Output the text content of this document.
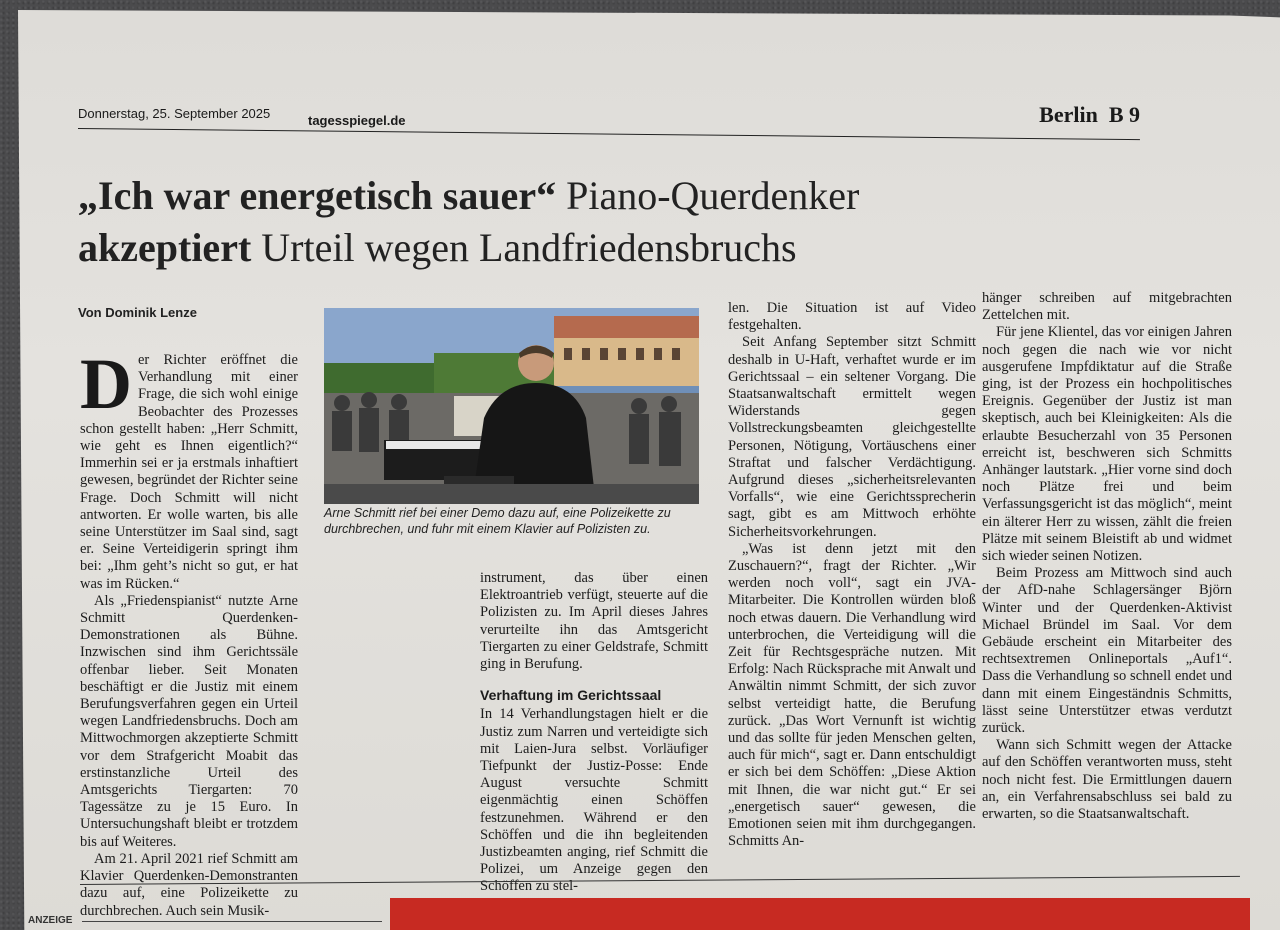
Donnerstag, 25. September 2025	tagesspiegel.de	Berlin  B 9
„Ich war energetisch sauer“ Piano-Querdenker
akzeptiert Urteil wegen Landfriedensbruchs
Von Dominik Lenze
D er Richter eröffnet die Verhandlung mit einer Frage, die sich wohl einige Beobachter des Prozesses schon gestellt haben: „Herr Schmitt, wie geht es Ihnen eigentlich?“ Immerhin sei er ja erstmals inhaftiert gewesen, begründet der Richter seine Frage. Doch Schmitt will nicht antworten. Er wolle warten, bis alle seine Unterstützer im Saal sind, sagt er. Seine Verteidigerin springt ihm bei: „Ihm geht’s nicht so gut, er hat was im Rücken.“

Als „Friedenspianist“ nutzte Arne Schmitt Querdenken-Demonstrationen als Bühne. Inzwischen sind ihm Gerichtssäle offenbar lieber. Seit Monaten beschäftigt er die Justiz mit einem Berufungsverfahren gegen ein Urteil wegen Landfriedensbruchs. Doch am Mittwochmorgen akzeptierte Schmitt vor dem Strafgericht Moabit das erstinstanzliche Urteil des Amtsgerichts Tiergarten: 70 Tagessätze zu je 15 Euro. In Untersuchungshaft bleibt er trotzdem bis auf Weiteres.

Am 21. April 2021 rief Schmitt am Klavier Querdenken-Demonstranten dazu auf, eine Polizeikette zu durchbrechen. Auch sein Musik-

Arne Schmitt rief bei einer Demo dazu auf, eine Polizeikette zu durchbrechen, und fuhr mit einem Klavier auf Polizisten zu.

instrument, das über einen Elektroantrieb verfügt, steuerte auf die Polizisten zu. Im April dieses Jahres verurteilte ihn das Amtsgericht Tiergarten zu einer Geldstrafe, Schmitt ging in Berufung.

Verhaftung im Gerichtssaal

In 14 Verhandlungstagen hielt er die Justiz zum Narren und verteidigte sich mit Laien-Jura selbst. Vorläufiger Tiefpunkt der Justiz-Posse: Ende August versuchte Schmitt eigenmächtig einen Schöffen festzunehmen. Während er den Schöffen und die ihn begleitenden Justizbeamten anging, rief Schmitt die Polizei, um Anzeige gegen den Schöffen zu stel-

len. Die Situation ist auf Video festgehalten.

Seit Anfang September sitzt Schmitt deshalb in U-Haft, verhaftet wurde er im Gerichtssaal – ein seltener Vorgang. Die Staatsanwaltschaft ermittelt wegen Widerstands gegen Vollstreckungsbeamten gleichgestellte Personen, Nötigung, Vortäuschens einer Straftat und falscher Verdächtigung. Aufgrund dieses „sicherheitsrelevanten Vorfalls“, wie eine Gerichtssprecherin sagt, gibt es am Mittwoch erhöhte Sicherheitsvorkehrungen.

„Was ist denn jetzt mit den Zuschauern?“, fragt der Richter. „Wir werden noch voll“, sagt ein JVA-Mitarbeiter. Die Kontrollen würden bloß noch etwas dauern. Die Verhandlung wird unterbrochen, die Verteidigung will die Zeit für Rechtsgespräche nutzen. Mit Erfolg: Nach Rücksprache mit Anwalt und Anwältin nimmt Schmitt, der sich zuvor selbst verteidigt hatte, die Berufung zurück. „Das Wort Vernunft ist wichtig und das sollte für jeden Menschen gelten, auch für mich“, sagt er. Dann entschuldigt er sich bei dem Schöffen: „Diese Aktion mit Ihnen, die war nicht gut.“ Er sei „energetisch sauer“ gewesen, die Emotionen seien mit ihm durchgegangen. Schmitts An-

hänger schreiben auf mitgebrachten Zettelchen mit.

Für jene Klientel, das vor einigen Jahren noch gegen die nach wie vor nicht ausgerufene Impfdiktatur auf die Straße ging, ist der Prozess ein hochpolitisches Ereignis. Gegenüber der Justiz ist man skeptisch, auch bei Kleinigkeiten: Als die erlaubte Besucherzahl von 35 Personen erreicht ist, beschweren sich Schmitts Anhänger lautstark. „Hier vorne sind doch noch Plätze frei und beim Verfassungsgericht ist das möglich“, meint ein älterer Herr zu wissen, zählt die freien Plätze mit seinem Bleistift ab und widmet sich wieder seinen Notizen.

Beim Prozess am Mittwoch sind auch der AfD-nahe Schlagersänger Björn Winter und der Querdenken-Aktivist Michael Bründel im Saal. Vor dem Gebäude erscheint ein Mitarbeiter des rechtsextremen Onlineportals „Auf1“. Dass die Verhandlung so schnell endet und dann mit einem Eingeständnis Schmitts, lässt seine Unterstützer etwas verdutzt zurück.

Wann sich Schmitt wegen der Attacke auf den Schöffen verantworten muss, steht noch nicht fest. Die Ermittlungen dauern an, ein Verfahrensabschluss sei bald zu erwarten, so die Staatsanwaltschaft.

ANZEIGE
